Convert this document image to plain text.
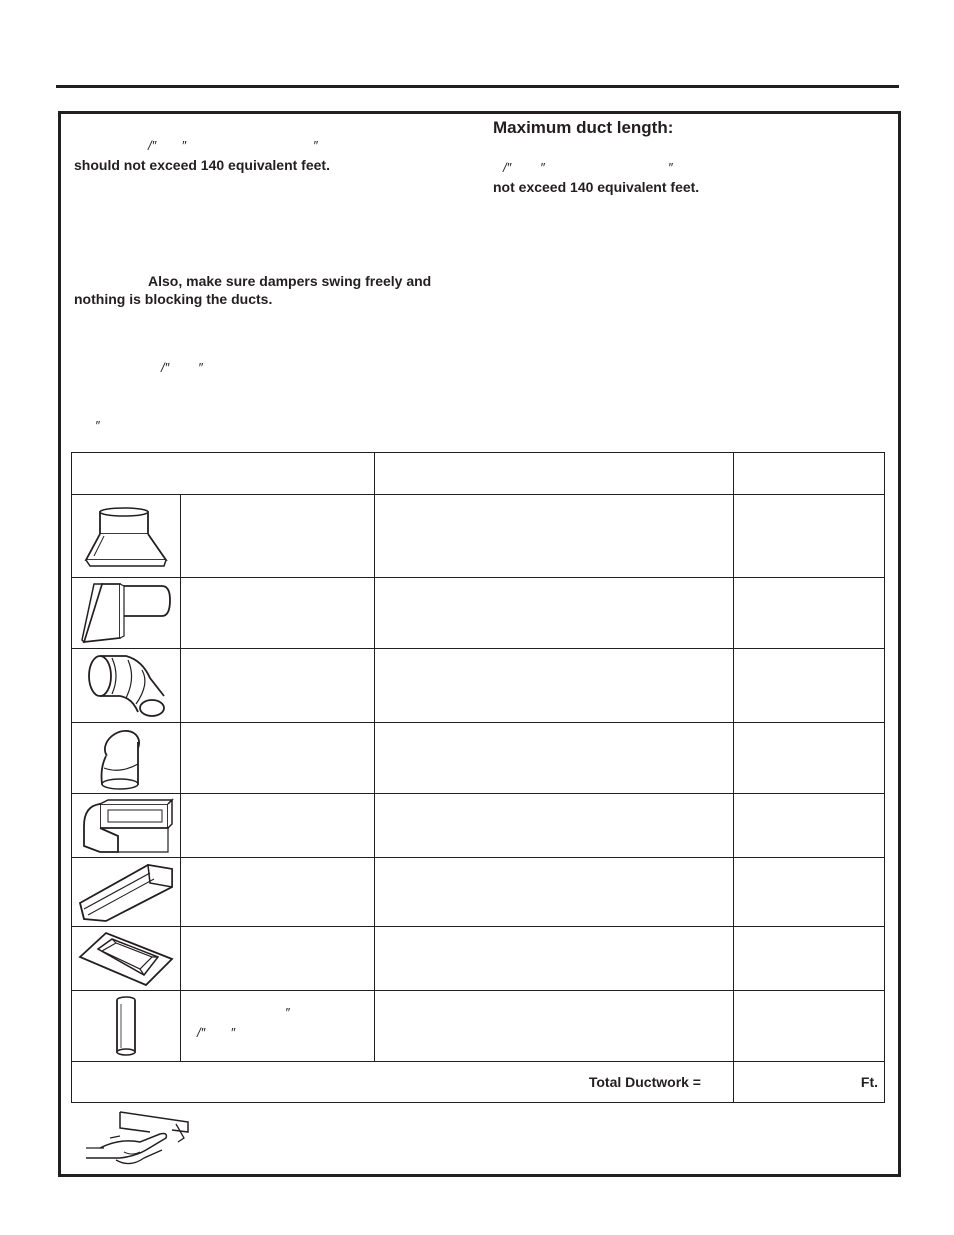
/″       ″	″
should not exceed 140 equivalent feet.
Also, make sure dampers swing freely and
nothing is blocking the ducts.
/″        ″
″
Maximum duct length:
/″        ″	″
not exceed 140 equivalent feet.

″
/″       ″		

Total Ductwork =			Ft.
